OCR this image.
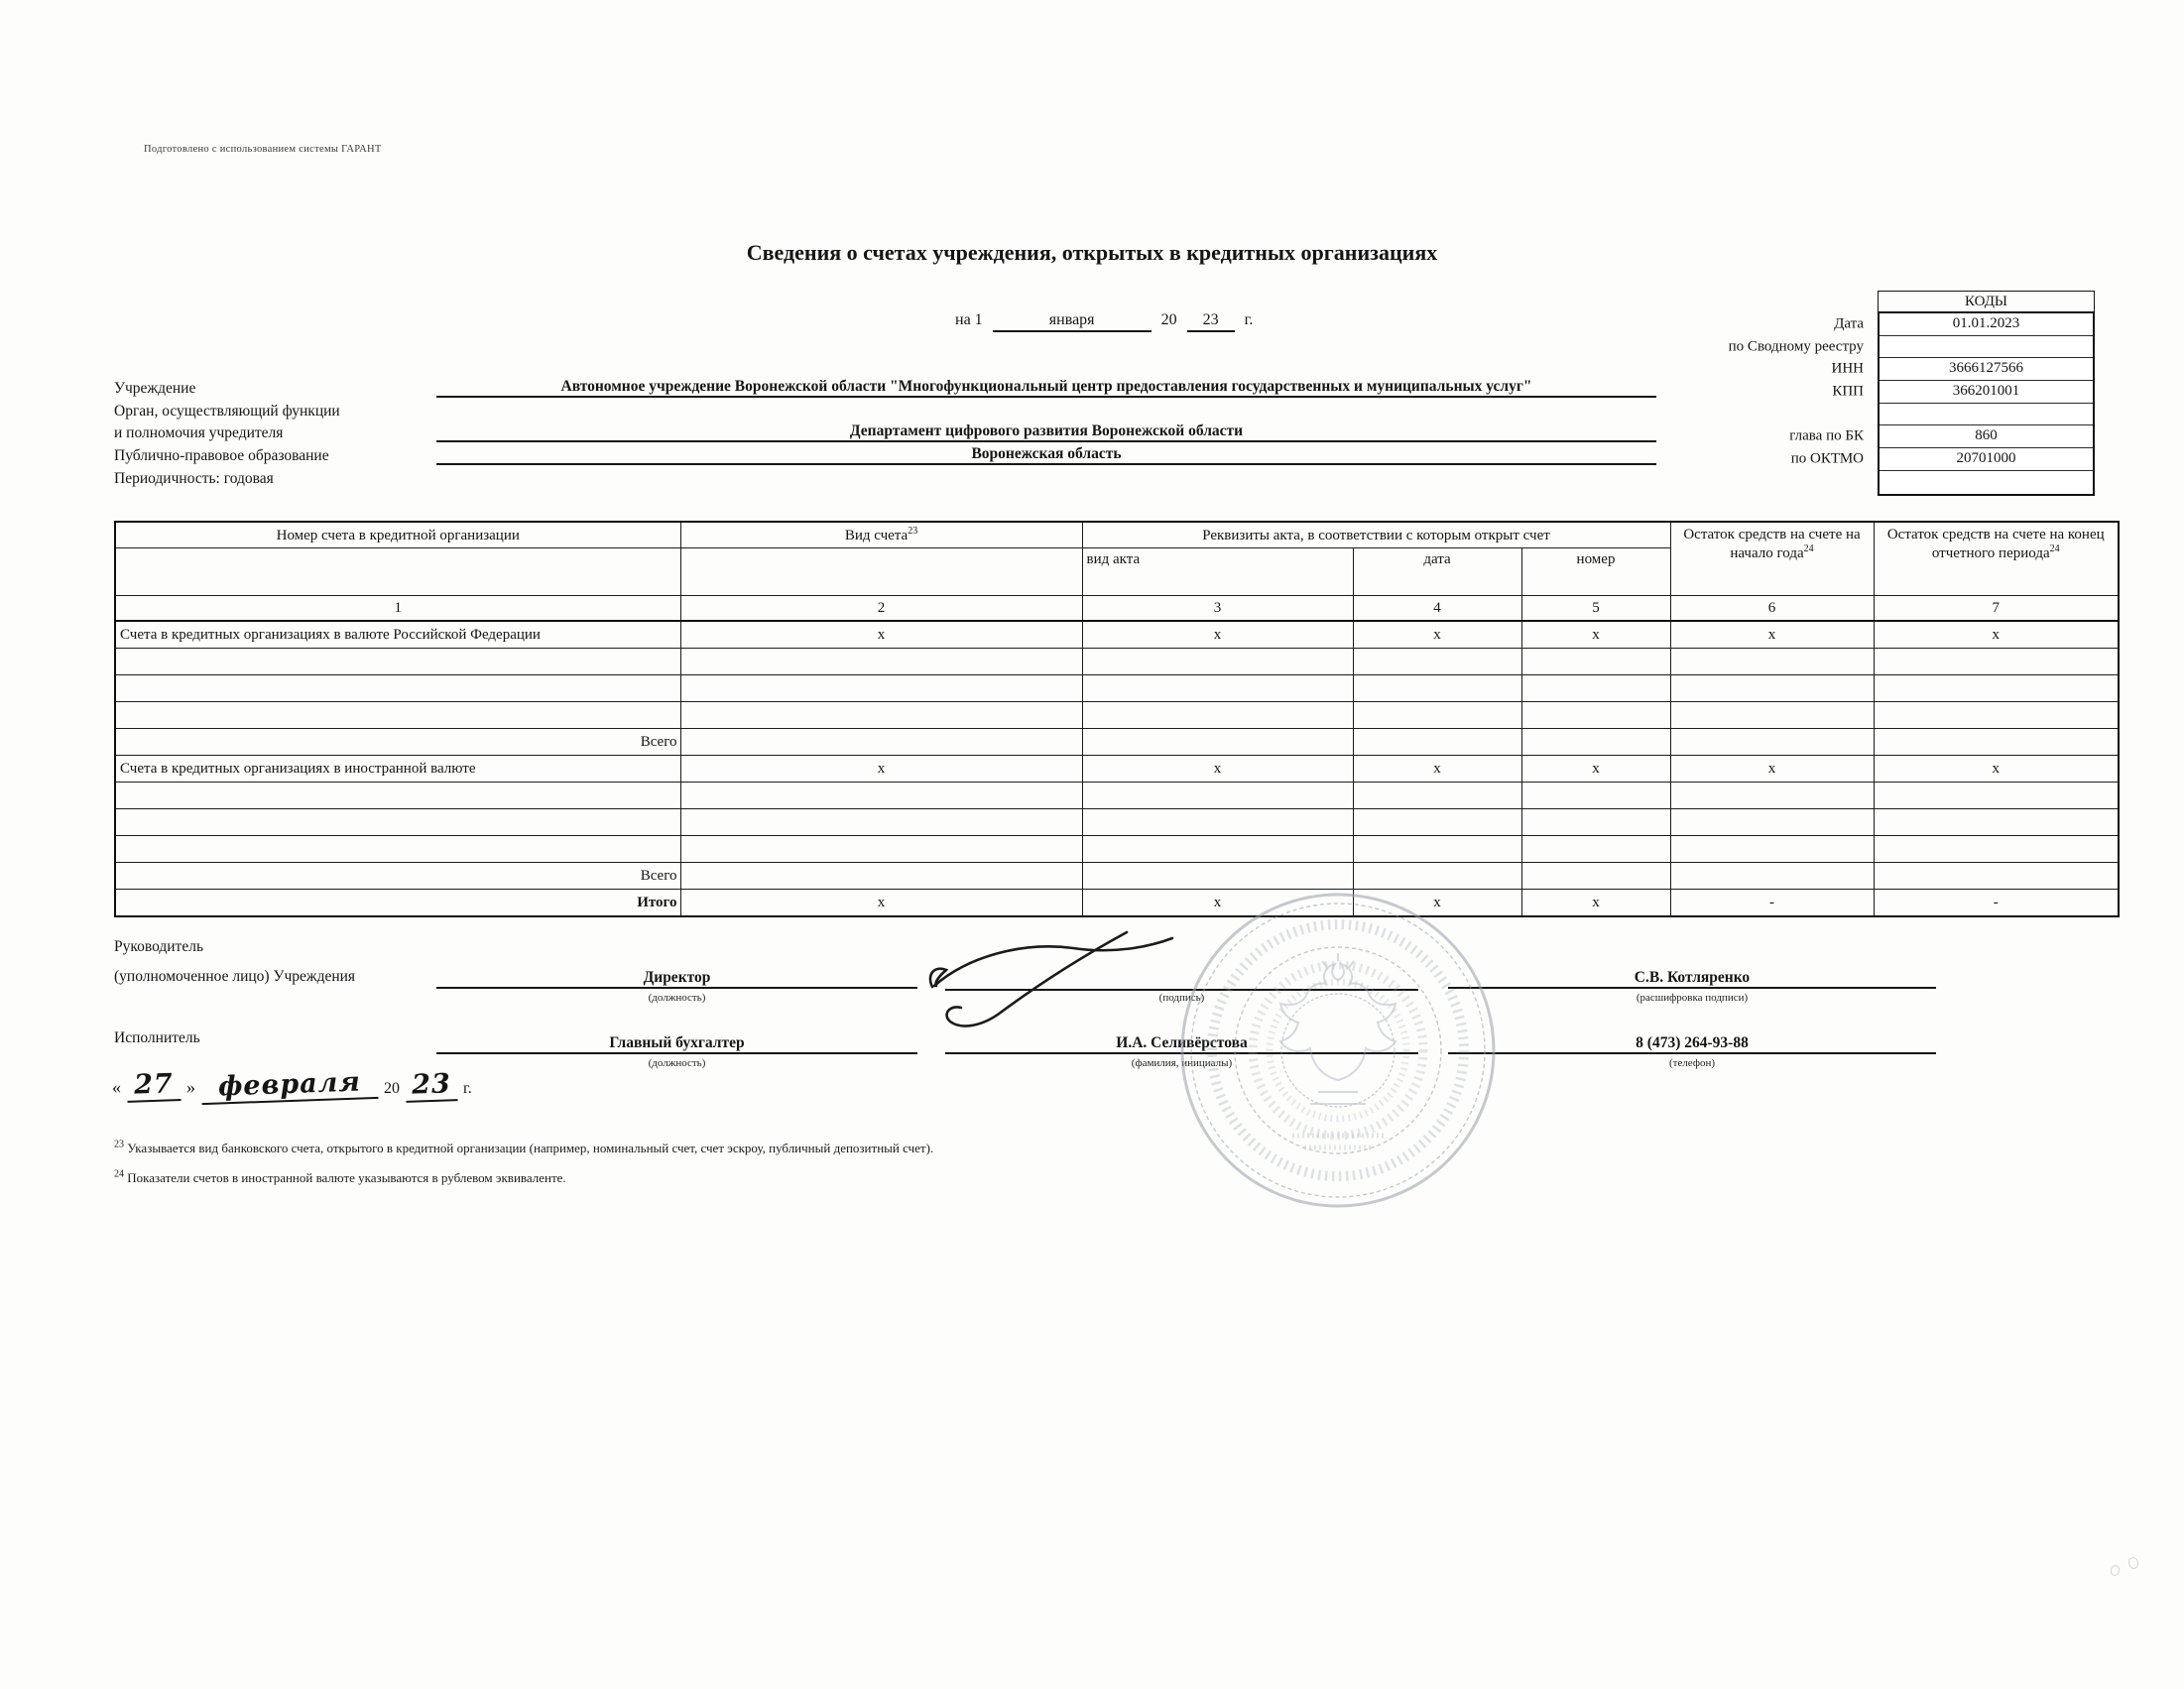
Подготовлено с использованием системы ГАРАНТ
Сведения о счетах учреждения, открытых в кредитных организациях
на 1	января	20	23	г.
КОДЫ
Дата	01.01.2023
по Сводному реестру
ИНН	3666127566
КПП	366201001
глава по БК	860
по ОКТМО	20701000
Учреждение	Автономное учреждение Воронежской области "Многофункциональный центр предоставления государственных и муниципальных услуг"
Орган, осуществляющий функции
и полномочия учредителя	Департамент цифрового развития Воронежской области
Публично-правовое образование	Воронежская область
Периодичность: годовая
Номер счета в кредитной организации	Вид счета$^{23}$	Реквизиты акта, в соответствии с которым открыт счет			Остаток средств на счете на начало года$^{24}$	Остаток средств на счете на конец отчетного периода$^{24}$
		вид акта	дата	номер		
1	2	3	4	5	6	7
Счета в кредитных организациях в валюте Российской Федерации	x	x	x	x	x	x

Всего						
Счета в кредитных организациях в иностранной валюте	x	x	x	x	x	x

Всего						
Итого	x	x	x	x	-	-
Руководитель
(уполномоченное лицо) Учреждения	Директор
(должность)	(подпись)
С.В. Котляренко
(расшифровка подписи)
Исполнитель	Главный бухгалтер
(должность)
И.А. Селивёрстова
(фамилия, инициалы)
8 (473) 264-93-88
(телефон)
« 27 » февраля	20 23 г.
$^{23}$ Указывается вид банковского счета, открытого в кредитной организации (например, номинальный счет, счет эскроу, публичный депозитный счет).
$^{24}$ Показатели счетов в иностранной валюте указываются в рублевом эквиваленте.
